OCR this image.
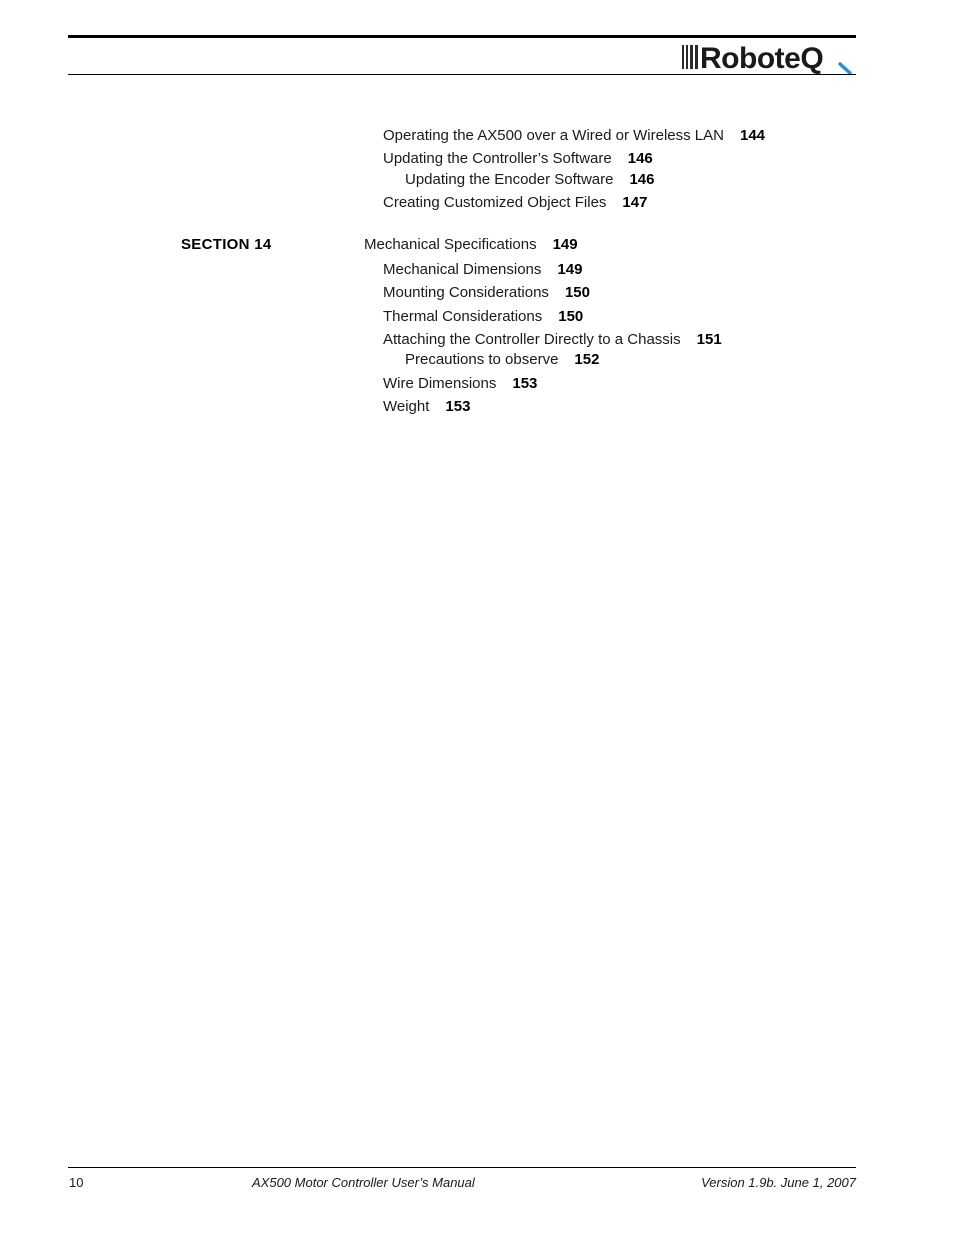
RoboteQ
Operating the AX500 over a Wired or Wireless LAN 144
Updating the Controller’s Software 146
Updating the Encoder Software 146
Creating Customized Object Files 147
SECTION 14	Mechanical Specifications 149
Mechanical Dimensions 149
Mounting Considerations 150
Thermal Considerations 150
Attaching the Controller Directly to a Chassis 151
Precautions to observe 152
Wire Dimensions 153
Weight 153
10	AX500 Motor Controller User’s Manual	Version 1.9b. June 1, 2007
